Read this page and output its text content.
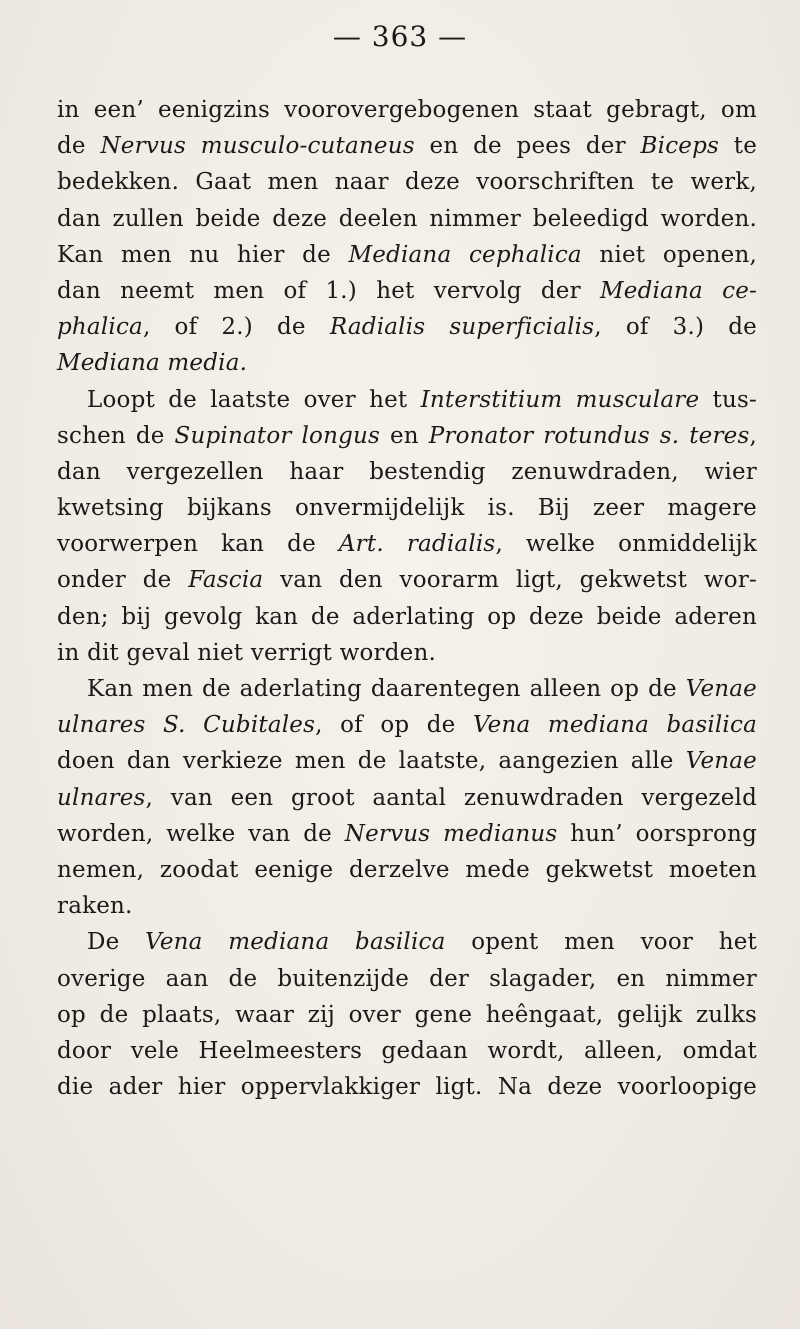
— 363 —
in een’ eenigzins voorovergebogenen staat gebragt, om
de Nervus musculo-cutaneus en de pees der Biceps te
bedekken. Gaat men naar deze voorschriften te werk,
dan zullen beide deze deelen nimmer beleedigd worden.
Kan men nu hier de Mediana cephalica niet openen,
dan neemt men of 1.) het vervolg der Mediana ce-
phalica, of 2.) de Radialis superficialis, of 3.) de
Mediana media.
Loopt de laatste over het Interstitium musculare tus-
schen de Supinator longus en Pronator rotundus s. teres,
dan vergezellen haar bestendig zenuwdraden, wier
kwetsing bijkans onvermijdelijk is. Bij zeer magere
voorwerpen kan de Art. radialis, welke onmiddelijk
onder de Fascia van den voorarm ligt, gekwetst wor-
den; bij gevolg kan de aderlating op deze beide aderen
in dit geval niet verrigt worden.
Kan men de aderlating daarentegen alleen op de Venae
ulnares S. Cubitales, of op de Vena mediana basilica
doen dan verkieze men de laatste, aangezien alle Venae
ulnares, van een groot aantal zenuwdraden vergezeld
worden, welke van de Nervus medianus hun’ oorsprong
nemen, zoodat eenige derzelve mede gekwetst moeten
raken.
De Vena mediana basilica opent men voor het
overige aan de buitenzijde der slagader, en nimmer
op de plaats, waar zij over gene heêngaat, gelijk zulks
door vele Heelmeesters gedaan wordt, alleen, omdat
die ader hier oppervlakkiger ligt. Na deze voorloopige
